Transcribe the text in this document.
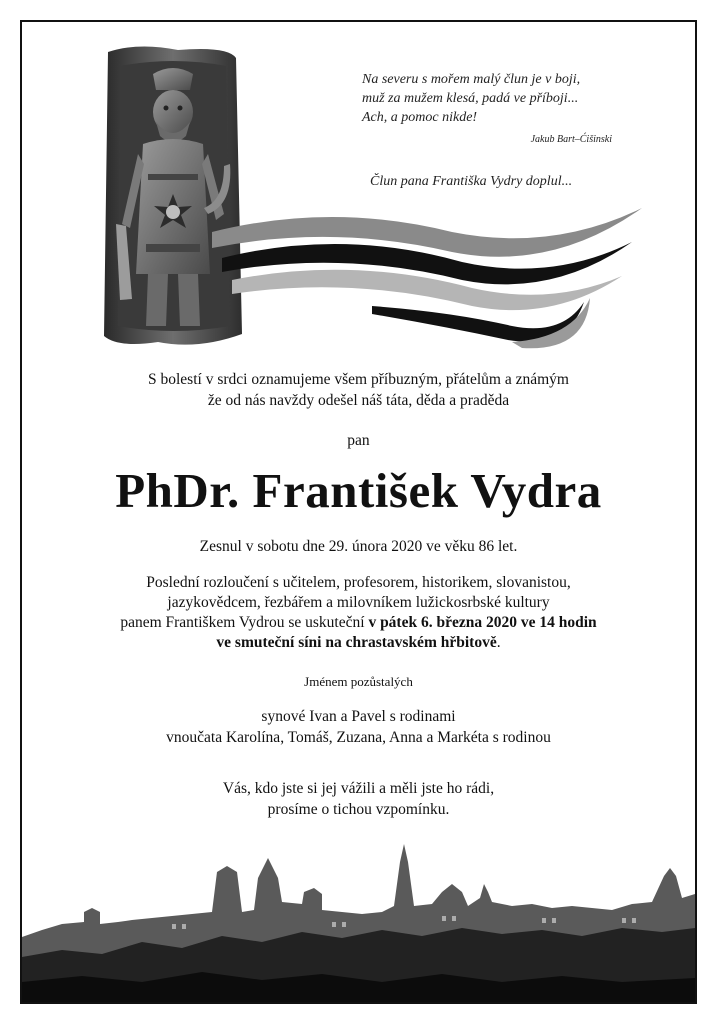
Na severu s mořem malý člun je v boji,
muž za mužem klesá, padá ve příboji...
Ach, a pomoc nikde!
Jakub Bart–Ćišinski
Člun pana Františka Vydry doplul...
S bolestí v srdci oznamujeme všem příbuzným, přátelům a známým
že od nás navždy odešel náš táta, děda a praděda
pan
PhDr. František Vydra
Zesnul v sobotu dne 29. února 2020 ve věku 86 let.
Poslední rozloučení s učitelem, profesorem, historikem, slovanistou,
jazykovědcem, řezbářem a milovníkem lužickosrbské kultury
panem Františkem Vydrou se uskuteční v pátek 6. března 2020 ve 14 hodin
ve smuteční síni na chrastavském hřbitově.
Jménem pozůstalých
synové Ivan a Pavel s rodinami
vnoučata Karolína, Tomáš, Zuzana, Anna a Markéta s rodinou
Vás, kdo jste si jej vážili a měli jste ho rádi,
prosíme o tichou vzpomínku.
